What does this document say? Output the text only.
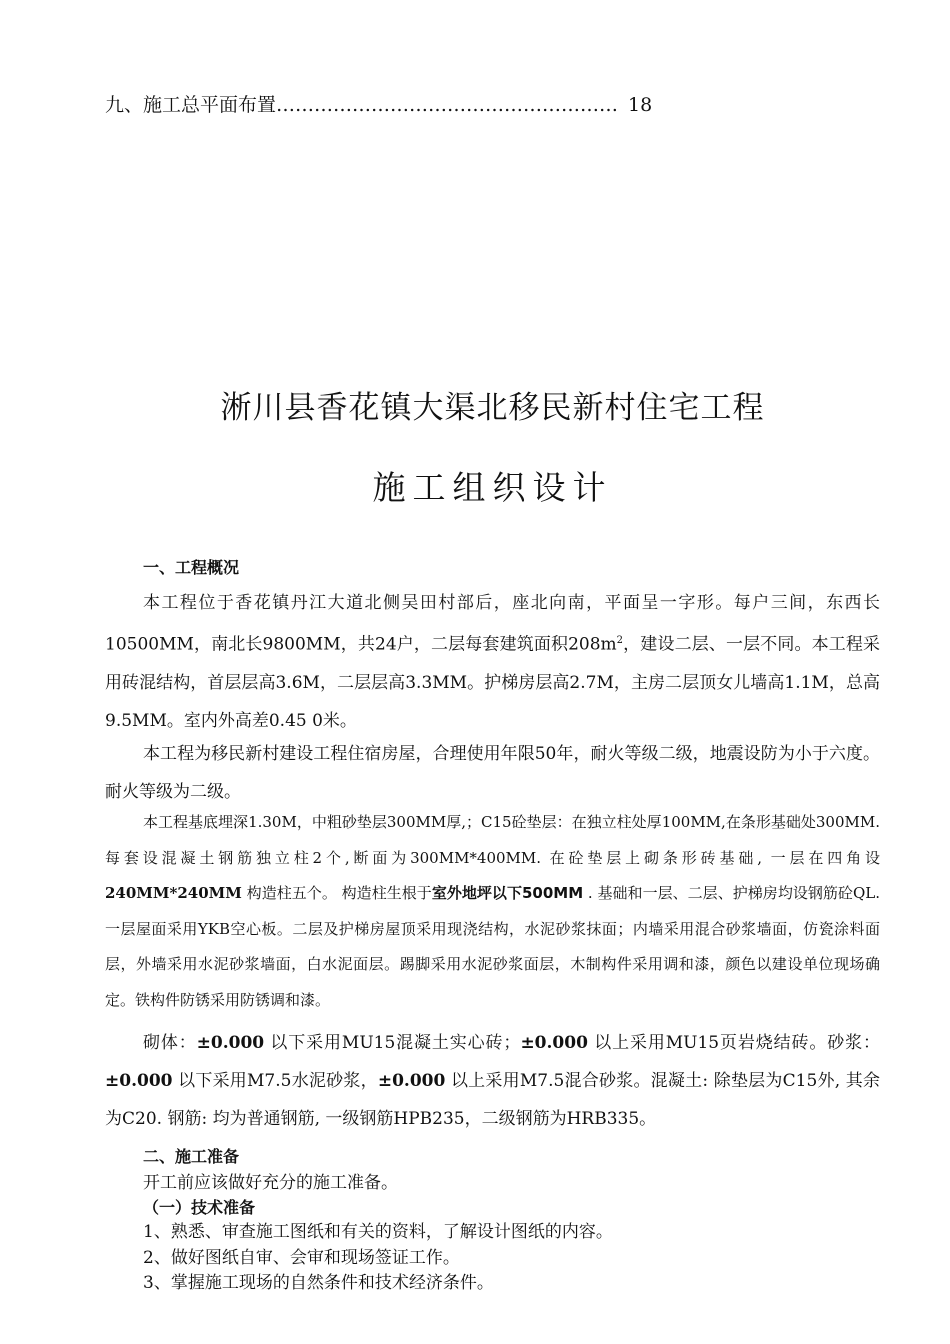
九、施工总平面布置……………………………………………… 18
淅川县香花镇大渠北移民新村住宅工程
施工组织设计
一、工程概况

本工程位于香花镇丹江大道北侧吴田村部后，座北向南，平面呈一字形。每户三间，东西长10500MM，南北长9800MM，共24户，二层每套建筑面积$208m^2$，建设二层、一层不同。本工程采用砖混结构，首层层高3.6M，二层层高3.3MM。护梯房层高2.7M，主房二层顶女儿墙高1.1M，总高9.5MM。室内外高差0.45 0米。

本工程为移民新村建设工程住宿房屋，合理使用年限50年，耐火等级二级，地震设防为小于六度。耐火等级为二级。

本工程基底埋深1.30M，中粗砂垫层300MM厚,；C15砼垫层：在独立柱处厚100MM,在条形基础处300MM. 每套设混凝土钢筋独立柱2个,断面为300MM*400MM. 在砼垫层上砌条形砖基础, 一层在四角设 240MM*240MM 构造柱五个。 构造柱生根于室外地坪以下500MM . 基础和一层、二层、护梯房均设钢筋砼QL. 一层屋面采用YKB空心板。二层及护梯房屋顶采用现浇结构，水泥砂浆抹面；内墙采用混合砂浆墙面，仿瓷涂料面层，外墙采用水泥砂浆墙面，白水泥面层。踢脚采用水泥砂浆面层，木制构件采用调和漆，颜色以建设单位现场确定。铁构件防锈采用防锈调和漆。

砌体：±0.000 以下采用MU15混凝土实心砖；±0.000 以上采用MU15页岩烧结砖。砂浆：±0.000 以下采用M7.5水泥砂浆，±0.000 以上采用M7.5混合砂浆。混凝土: 除垫层为C15外, 其余为C20. 钢筋: 均为普通钢筋, 一级钢筋HPB235，二级钢筋为HRB335。

二、施工准备
开工前应该做好充分的施工准备。
（一）技术准备
1、熟悉、审查施工图纸和有关的资料，了解设计图纸的内容。
2、做好图纸自审、会审和现场签证工作。
3、掌握施工现场的自然条件和技术经济条件。
